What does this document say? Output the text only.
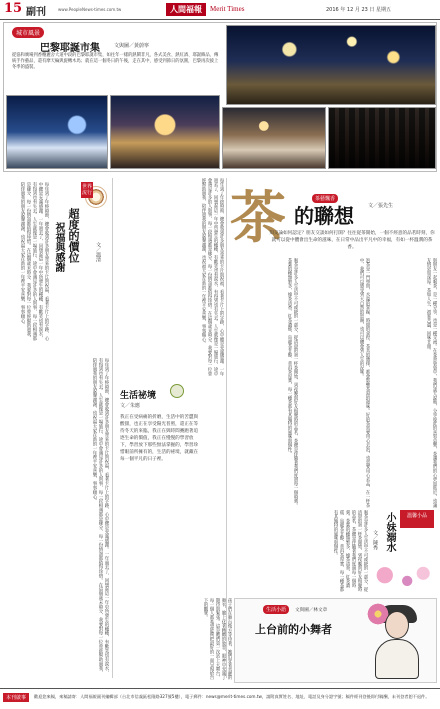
15 副刊	www.PeopleNews-times.com.tw	人間福報	Merit Times	2016 年 12 月 23 日 星期五
城市風景
巴黎耶誕市集	文與圖／黃蔚寧

從協和廣場到香榭麗舍大道中段的巴黎耶誕市集，如往年一樣的熱鬧非凡，各式美食、熱紅酒、耶誕飾品、傳統手作藝品，還有摩天輪與旋轉木馬；就在這一個冬日的午後，走在其中，感受到節日的氛圍，巴黎再次披上冬季的盛裝。

世界流行
超度的價位
祝福與感謝	文／溫清

每年到了年終時節，總會收到許多朋友寄來的卡片與祝福，看著卡片上的字跡，心中總是充滿感謝。一年過去了，回想起這一年中所發生的種種，有歡笑也有淚水，有得到也有失去。人生就像是一場旅行，途中會遇見許多的人與事，每一段相遇都是緣分，每一份情誼都值得珍惜。在這個歲末時分，我要對每一位曾經幫助過我、陪伴過我的朋友說聲謝謝，也祝福大家在新的一年裡平安喜樂，事事順心。

每年到了年終時節，總會收到許多朋友寄來的卡片與祝福，看著卡片上的字跡，心中總是充滿感謝。一年過去了，回想起這一年中所發生的種種，有歡笑也有淚水，有得到也有失去。人生就像是一場旅行，途中會遇見許多的人與事，每一段相遇都是緣分，每一份情誼都值得珍惜。在這個歲末時分，我要對每一位曾經幫助過我、陪伴過我的朋友說聲謝謝，也祝福大家在新的一年裡平安喜樂，事事順心。

每年到了年終時節，總會收到許多朋友寄來的卡片與祝福，看著卡片上的字跡，心中總是充滿感謝。一年過去了，回想起這一年中所發生的種種，有歡笑也有淚水，有得到也有失去。人生就像是一場旅行，途中會遇見許多的人與事，每一段相遇都是緣分，每一份情誼都值得珍惜。在這個歲末時分，我要對每一位曾經幫助過我、陪伴過我的朋友說聲謝謝，也祝福大家在新的一年裡平安喜樂，事事順心。

生活祕境
文／朱應

我正在受病痛的折磨，生活中的苦澀與酸甜，也正在享受陽光普照，還正在等待冬天的來臨，我正在與時間賽跑著追逐生命的價值，我正在慢慢的學習放下，學習放下那些無法掌握的，學習珍惜眼前所擁有的，生活的祕境，就藏在每一個平凡的日子裡。

茶	茶藝飄香
的聯想	文／張先生

知交論如何認定？朋友交談如何打開？往往從茶開始，一個不經意的品茗時刻，你就可以從中體會出生命的滋味，在日常中品出平凡中的幸福，有如一杯溫潤的茶香。

喝茶是許多人生活中不可或缺的一部分，從清晨的第一杯茶開始，到夜晚與好友相聚時的品茗，茶總是伴隨著我們度過每一個時刻。茶葉的種類繁多，綠茶清香、紅茶濃郁、烏龍茶甘醇、普洱茶厚實，每一種茶都有其獨特的風味與個性。	泡茶是一門學問，水溫的掌握、時間的拿捏、茶具的選擇，都會影響茶湯的滋味。好的茶需要用心去泡，也需要用心去品，在一杯茶中，我們可以感受到大自然的恩賜，也可以體會到人生的況味。	與朋友一起喝茶，是一種分享，也是一種交流。在茶香裊裊中，我們談天說地，分享彼此的喜怒哀樂，茶讓我們的心更加貼近，也讓友情更加深厚。茶如人生，初嘗苦澀，回味甘甜。

喝茶是許多人生活中不可或缺的一部分，從清晨的第一杯茶開始，到夜晚與好友相聚時的品茗，茶總是伴隨著我們度過每一個時刻。茶葉的種類繁多，綠茶清香、紅茶濃郁、烏龍茶甘醇、普洱茶厚實，每一種茶都有其獨特的風味與個性。	溫馨小品
小妹溺水
文／陳秀

孩子們在舞台後方等待著，她們穿著美麗的舞衣，臉上化著精緻的妝容，眼神中充滿了期待與緊張。這是她們第一次站上大舞台，每一個人都希望能夠把最好的一面呈現給台下的觀眾。	生活小語	文與圖／林文章
上台前的小舞者
本刊啟事	歡迎您來稿，來稿請寄：人間福報副刊編輯部（台北市信義區松隆路327號5樓），電子郵件：news@merit-times.com.tw，請附真實姓名、地址、電話及身分證字號；稿件經刊登後即付稿酬，未刊登者恕不退件。
